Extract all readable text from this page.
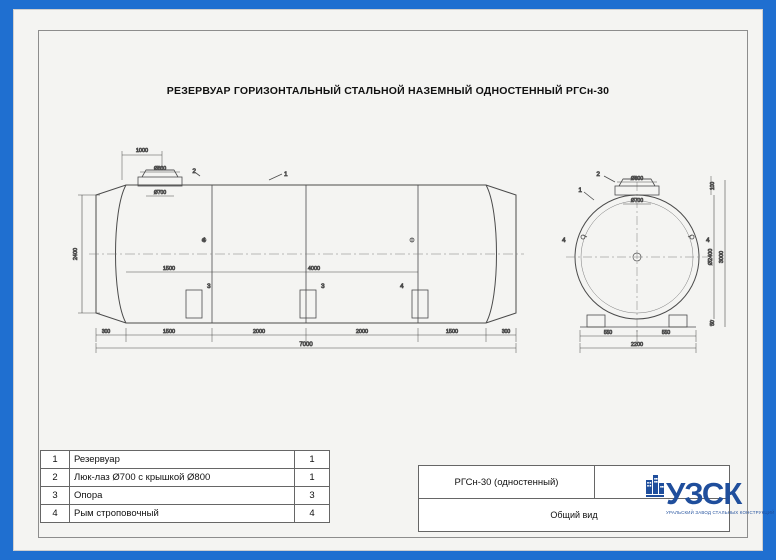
РЕЗЕРВУАР ГОРИЗОНТАЛЬНЫЙ СТАЛЬНОЙ НАЗЕМНЫЙ ОДНОСТЕННЫЙ РГСн-30
2	1
3	3	4
4
1000
Ø800
Ø700
2400
1500	4000
300	1500	2000	2000	1500	300
7000
2
1
4	4
Ø800
Ø700
100
Ø2400 3000
50
550	550
2200
1	Резервуар	1
2	Люк-лаз Ø700 с крышкой Ø800	1
3	Опора	3
4	Рым строповочный	4
РГСн-30 (одностенный)
Общий вид
УЗСК
УРАЛЬСКИЙ ЗАВОД СТАЛЬНЫХ КОНСТРУКЦИЙ
